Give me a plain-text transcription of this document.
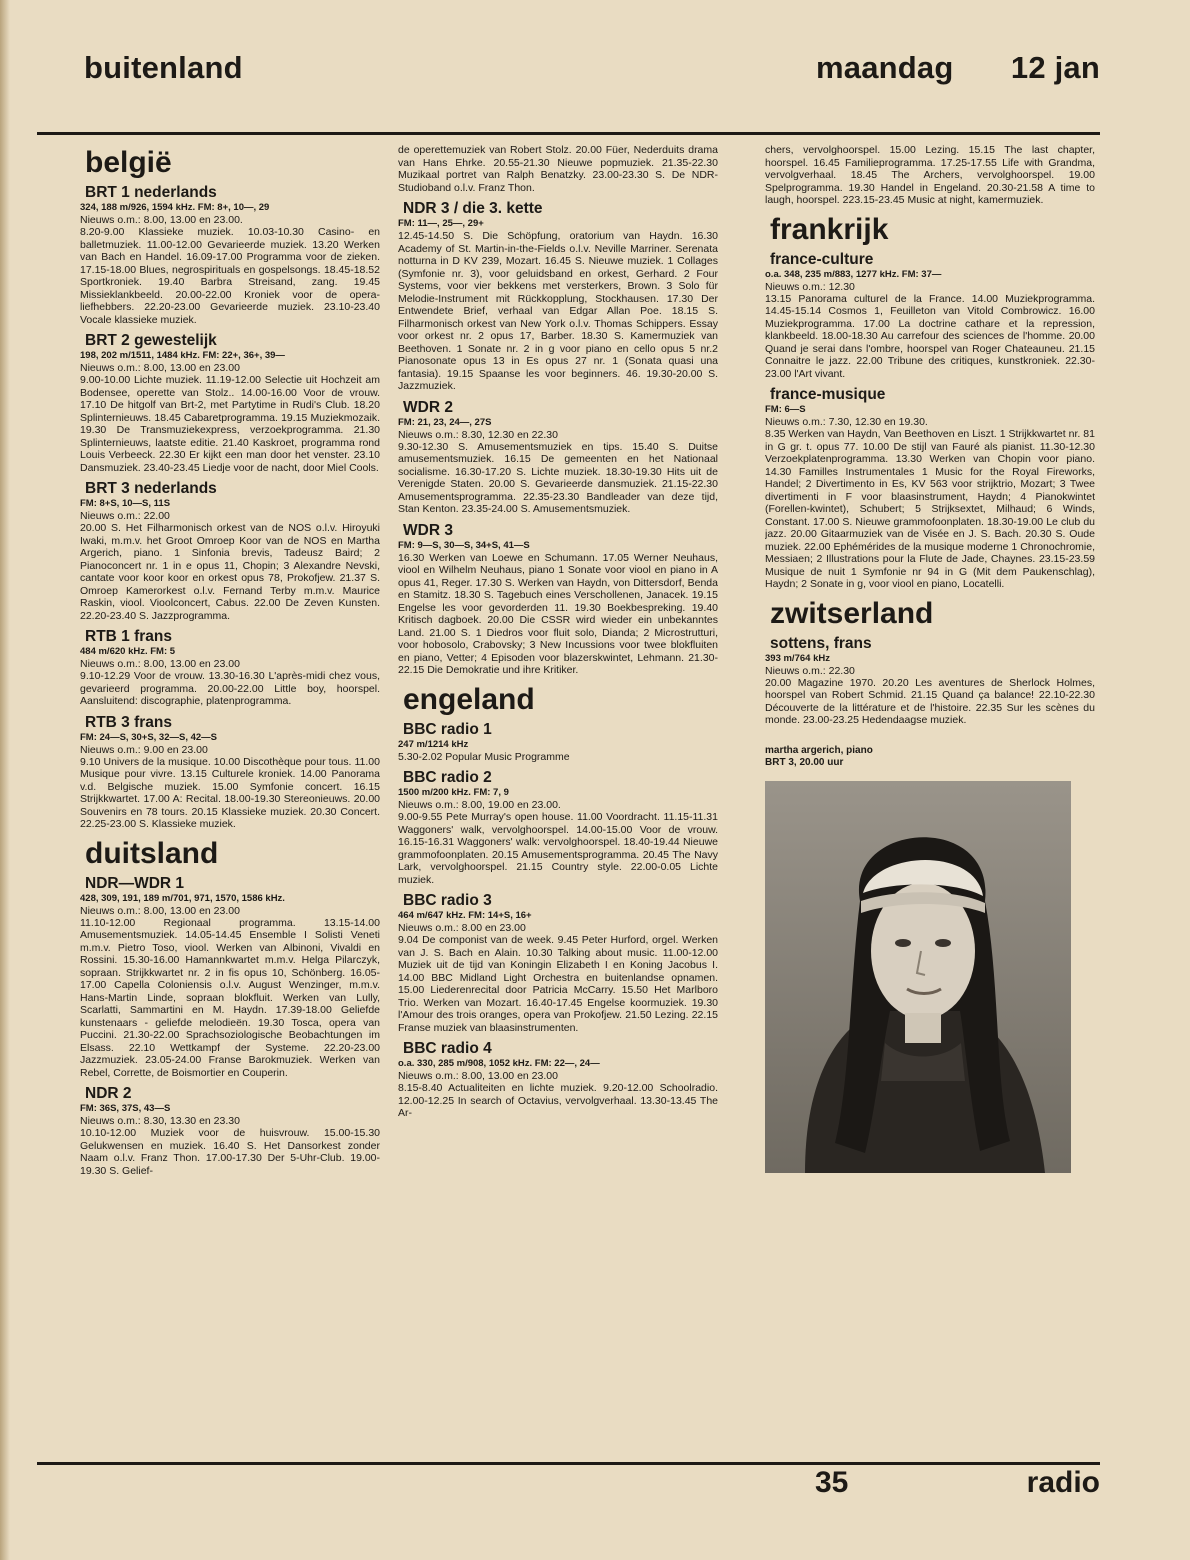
buitenland	maandag 12 jan
belgië
BRT 1 nederlands
324, 188 m/926, 1594 kHz. FM: 8+, 10—, 29
Nieuws o.m.: 8.00, 13.00 en 23.00.
8.20-9.00 Klassieke muziek. 10.03-10.30 Casino- en balletmuziek. 11.00-12.00 Gevarieerde muziek. 13.20 Werken van Bach en Handel. 16.09-17.00 Programma voor de zieken. 17.15-18.00 Blues, negrospirituals en gospelsongs. 18.45-18.52 Sportkroniek. 19.40 Barbra Streisand, zang. 19.45 Missieklankbeeld. 20.00-22.00 Kroniek voor de opera-liefhebbers. 22.20-23.00 Gevarieerde muziek. 23.10-23.40 Vocale klassieke muziek.
BRT 2 gewestelijk
198, 202 m/1511, 1484 kHz. FM: 22+, 36+, 39—
Nieuws o.m.: 8.00, 13.00 en 23.00
9.00-10.00 Lichte muziek. 11.19-12.00 Selectie uit Hochzeit am Bodensee, operette van Stolz.. 14.00-16.00 Voor de vrouw. 17.10 De hitgolf van Brt-2, met Partytime in Rudi's Club. 18.20 Splinternieuws. 18.45 Cabaretprogramma. 19.15 Muziekmozaik. 19.30 De Transmuziekexpress, verzoekprogramma. 21.30 Splinternieuws, laatste editie. 21.40 Kaskroet, programma rond Louis Verbeeck. 22.30 Er kijkt een man door het venster. 23.10 Dansmuziek. 23.40-23.45 Liedje voor de nacht, door Miel Cools.
BRT 3 nederlands
FM: 8+S, 10—S, 11S
Nieuws o.m.: 22.00
20.00 S. Het Filharmonisch orkest van de NOS o.l.v. Hiroyuki Iwaki, m.m.v. het Groot Omroep Koor van de NOS en Martha Argerich, piano. 1 Sinfonia brevis, Tadeusz Baird; 2 Pianoconcert nr. 1 in e opus 11, Chopin; 3 Alexandre Nevski, cantate voor koor koor en orkest opus 78, Prokofjew. 21.37 S. Omroep Kamerorkest o.l.v. Fernand Terby m.m.v. Maurice Raskin, viool. Vioolconcert, Cabus. 22.00 De Zeven Kunsten. 22.20-23.40 S. Jazzprogramma.
RTB 1 frans
484 m/620 kHz. FM: 5
Nieuws o.m.: 8.00, 13.00 en 23.00
9.10-12.29 Voor de vrouw. 13.30-16.30 L'après-midi chez vous, gevarieerd programma. 20.00-22.00 Little boy, hoorspel. Aansluitend: discographie, platenprogramma.
RTB 3 frans
FM: 24—S, 30+S, 32—S, 42—S
Nieuws o.m.: 9.00 en 23.00
9.10 Univers de la musique. 10.00 Discothèque pour tous. 11.00 Musique pour vivre. 13.15 Culturele kroniek. 14.00 Panorama v.d. Belgische muziek. 15.00 Symfonie concert. 16.15 Strijkkwartet. 17.00 A: Recital. 18.00-19.30 Stereonieuws. 20.00 Souvenirs en 78 tours. 20.15 Klassieke muziek. 20.30 Concert. 22.25-23.00 S. Klassieke muziek.
duitsland
NDR—WDR 1
428, 309, 191, 189 m/701, 971, 1570, 1586 kHz.
Nieuws o.m.: 8.00, 13.00 en 23.00
11.10-12.00 Regionaal programma. 13.15-14.00 Amusementsmuziek. 14.05-14.45 Ensemble I Solisti Veneti m.m.v. Pietro Toso, viool. Werken van Albinoni, Vivaldi en Rossini. 15.30-16.00 Hamannkwartet m.m.v. Helga Pilarczyk, sopraan. Strijkkwartet nr. 2 in fis opus 10, Schönberg. 16.05-17.00 Capella Coloniensis o.l.v. August Wenzinger, m.m.v. Hans-Martin Linde, sopraan blokfluit. Werken van Lully, Scarlatti, Sammartini en M. Haydn. 17.39-18.00 Geliefde kunstenaars - geliefde melodieën. 19.30 Tosca, opera van Puccini. 21.30-22.00 Sprachsoziologische Beobachtungen im Elsass. 22.10 Wettkampf der Systeme. 22.20-23.00 Jazzmuziek. 23.05-24.00 Franse Barokmuziek. Werken van Rebel, Corrette, de Boismortier en Couperin.
NDR 2
FM: 36S, 37S, 43—S
Nieuws o.m.: 8.30, 13.30 en 23.30
10.10-12.00 Muziek voor de huisvrouw. 15.00-15.30 Gelukwensen en muziek. 16.40 S. Het Dansorkest zonder Naam o.l.v. Franz Thon. 17.00-17.30 Der 5-Uhr-Club. 19.00-19.30 S. Gelief-
de operettemuziek van Robert Stolz. 20.00 Füer, Nederduits drama van Hans Ehrke. 20.55-21.30 Nieuwe popmuziek. 21.35-22.30 Muzikaal portret van Ralph Benatzky. 23.00-23.30 S. De NDR-Studioband o.l.v. Franz Thon.
NDR 3 / die 3. kette
FM: 11—, 25—, 29+
12.45-14.50 S. Die Schöpfung, oratorium van Haydn. 16.30 Academy of St. Martin-in-the-Fields o.l.v. Neville Marriner. Serenata notturna in D KV 239, Mozart. 16.45 S. Nieuwe muziek. 1 Collages (Symfonie nr. 3), voor geluidsband en orkest, Gerhard. 2 Four Systems, voor vier bekkens met versterkers, Brown. 3 Solo für Melodie-Instrument mit Rückkopplung, Stockhausen. 17.30 Der Entwendete Brief, verhaal van Edgar Allan Poe. 18.15 S. Filharmonisch orkest van New York o.l.v. Thomas Schippers. Essay voor orkest nr. 2 opus 17, Barber. 18.30 S. Kamermuziek van Beethoven. 1 Sonate nr. 2 in g voor piano en cello opus 5 nr.2 Pianosonate opus 13 in Es opus 27 nr. 1 (Sonata quasi una fantasia). 19.15 Spaanse les voor beginners. 46. 19.30-20.00 S. Jazzmuziek.
WDR 2
FM: 21, 23, 24—, 27S
Nieuws o.m.: 8.30, 12.30 en 22.30
9.30-12.30 S. Amusementsmuziek en tips. 15.40 S. Duitse amusementsmuziek. 16.15 De gemeenten en het Nationaal socialisme. 16.30-17.20 S. Lichte muziek. 18.30-19.30 Hits uit de Verenigde Staten. 20.00 S. Gevarieerde dansmuziek. 21.15-22.30 Amusementsprogramma. 22.35-23.30 Bandleader van deze tijd, Stan Kenton. 23.35-24.00 S. Amusementsmuziek.
WDR 3
FM: 9—S, 30—S, 34+S, 41—S
16.30 Werken van Loewe en Schumann. 17.05 Werner Neuhaus, viool en Wilhelm Neuhaus, piano 1 Sonate voor viool en piano in A opus 41, Reger. 17.30 S. Werken van Haydn, von Dittersdorf, Benda en Stamitz. 18.30 S. Tagebuch eines Verschollenen, Janacek. 19.15 Engelse les voor gevorderden 11. 19.30 Boekbespreking. 19.40 Kritisch dagboek. 20.00 Die CSSR wird wieder ein unbekanntes Land. 21.00 S. 1 Diedros voor fluit solo, Dianda; 2 Microstrutturi, voor hobosolo, Crabovsky; 3 New Incussions voor twee blokfluiten en piano, Vetter; 4 Episoden voor blazerskwintet, Lehmann. 21.30-22.15 Die Demokratie und ihre Kritiker.
engeland
BBC radio 1
247 m/1214 kHz
5.30-2.02 Popular Music Programme
BBC radio 2
1500 m/200 kHz. FM: 7, 9
Nieuws o.m.: 8.00, 19.00 en 23.00.
9.00-9.55 Pete Murray's open house. 11.00 Voordracht. 11.15-11.31 Waggoners' walk, vervolghoorspel. 14.00-15.00 Voor de vrouw. 16.15-16.31 Waggoners' walk: vervolghoorspel. 18.40-19.44 Nieuwe grammofoonplaten. 20.15 Amusementsprogramma. 20.45 The Navy Lark, vervolghoorspel. 21.15 Country style. 22.00-0.05 Lichte muziek.
BBC radio 3
464 m/647 kHz. FM: 14+S, 16+
Nieuws o.m.: 8.00 en 23.00
9.04 De componist van de week. 9.45 Peter Hurford, orgel. Werken van J. S. Bach en Alain. 10.30 Talking about music. 11.00-12.00 Muziek uit de tijd van Koningin Elizabeth I en Koning Jacobus I. 14.00 BBC Midland Light Orchestra en buitenlandse opnamen. 15.00 Liederenrecital door Patricia McCarry. 15.50 Het Marlboro Trio. Werken van Mozart. 16.40-17.45 Engelse koormuziek. 19.30 l'Amour des trois oranges, opera van Prokofjew. 21.50 Lezing. 22.15 Franse muziek van blaasinstrumenten.
BBC radio 4
o.a. 330, 285 m/908, 1052 kHz. FM: 22—, 24—
Nieuws o.m.: 8.00, 13.00 en 23.00
8.15-8.40 Actualiteiten en lichte muziek. 9.20-12.00 Schoolradio. 12.00-12.25 In search of Octavius, vervolgverhaal. 13.30-13.45 The Ar-
chers, vervolghoorspel. 15.00 Lezing. 15.15 The last chapter, hoorspel. 16.45 Familieprogramma. 17.25-17.55 Life with Grandma, vervolgverhaal. 18.45 The Archers, vervolghoorspel. 19.00 Spelprogramma. 19.30 Handel in Engeland. 20.30-21.58 A time to laugh, hoorspel. 223.15-23.45 Music at night, kamermuziek.
frankrijk
france-culture
o.a. 348, 235 m/883, 1277 kHz. FM: 37—
Nieuws o.m.: 12.30
13.15 Panorama culturel de la France. 14.00 Muziekprogramma. 14.45-15.14 Cosmos 1, Feuilleton van Vitold Combrowicz. 16.00 Muziekprogramma. 17.00 La doctrine cathare et la repression, klankbeeld. 18.00-18.30 Au carrefour des sciences de l'homme. 20.00 Quand je serai dans l'ombre, hoorspel van Roger Chateauneu. 21.15 Connaitre le jazz. 22.00 Tribune des critiques, kunstkroniek. 22.30-23.00 l'Art vivant.
france-musique
FM: 6—S
Nieuws o.m.: 7.30, 12.30 en 19.30.
8.35 Werken van Haydn, Van Beethoven en Liszt. 1 Strijkkwartet nr. 81 in G gr. t. opus 77. 10.00 De stijl van Fauré als pianist. 11.30-12.30 Verzoekplatenprogramma. 13.30 Werken van Chopin voor piano. 14.30 Familles Instrumentales 1 Music for the Royal Fireworks, Handel; 2 Divertimento in Es, KV 563 voor strijktrio, Mozart; 3 Twee divertimenti in F voor blaasinstrument, Haydn; 4 Pianokwintet (Forellen-kwintet), Schubert; 5 Strijksextet, Milhaud; 6 Winds, Constant. 17.00 S. Nieuwe grammofoonplaten. 18.30-19.00 Le club du jazz. 20.00 Gitaarmuziek van de Visée en J. S. Bach. 20.30 S. Oude muziek. 22.00 Ephémérides de la musique moderne 1 Chronochromie, Messiaen; 2 Illustrations pour la Flute de Jade, Chaynes. 23.15-23.59 Musique de nuit 1 Symfonie nr 94 in G (Mit dem Paukenschlag), Haydn; 2 Sonate in g, voor viool en piano, Locatelli.
zwitserland
sottens, frans
393 m/764 kHz
Nieuws o.m.: 22.30
20.00 Magazine 1970. 20.20 Les aventures de Sherlock Holmes, hoorspel van Robert Schmid. 21.15 Quand ça balance! 22.10-22.30 Découverte de la littérature et de l'histoire. 22.35 Sur les scènes du monde. 23.00-23.25 Hedendaagse muziek.
martha argerich, piano
BRT 3, 20.00 uur
35	radio
